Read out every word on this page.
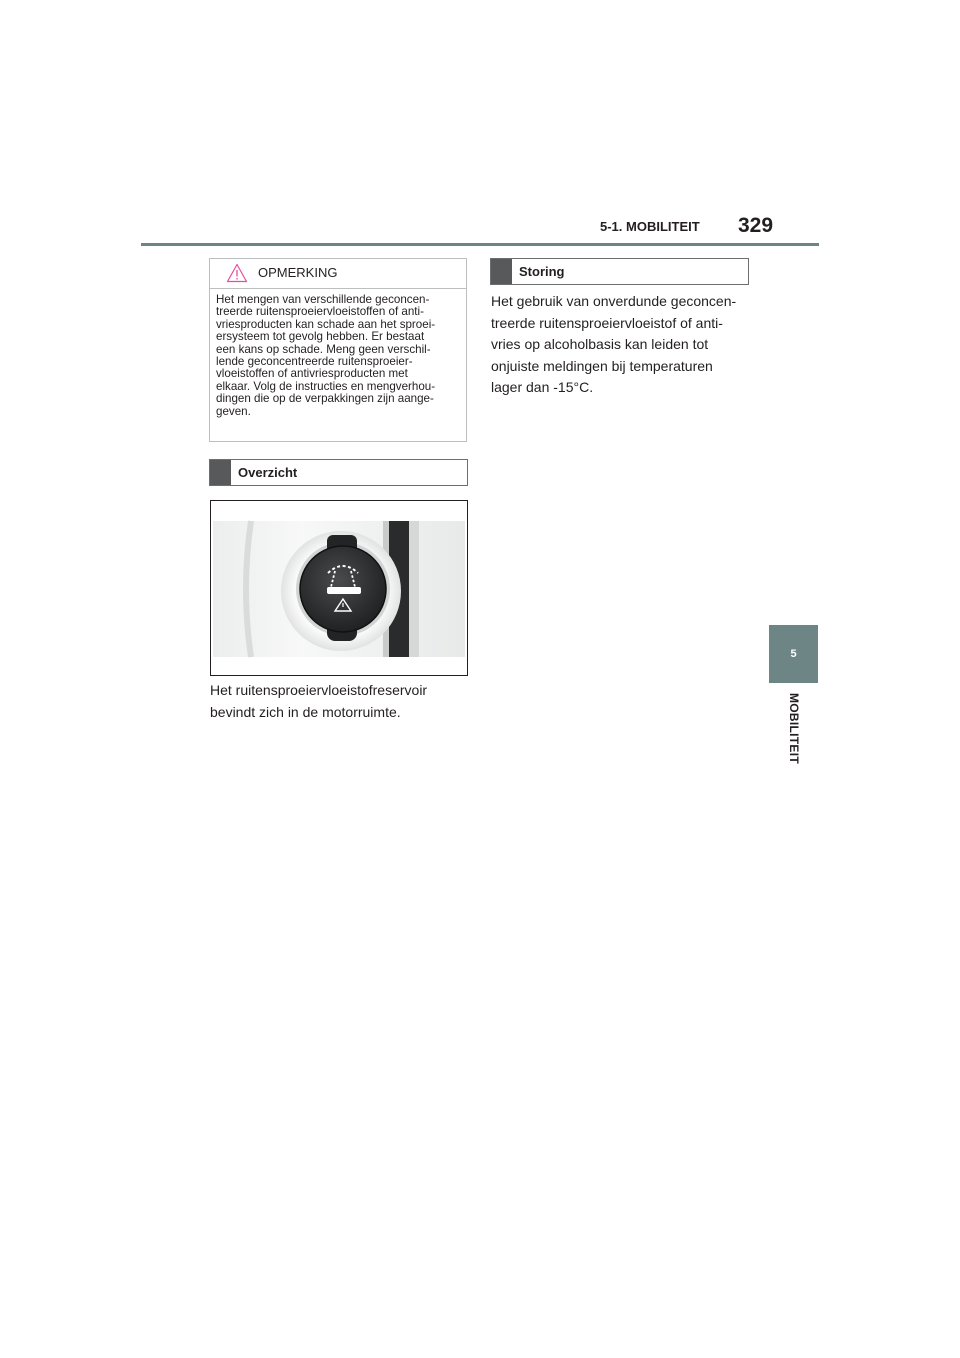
5-1. MOBILITEIT 329
5
MOBILITEIT
OPMERKING
Het mengen van verschillende geconcen-
treerde ruitensproeiervloeistoffen of anti-
vriesproducten kan schade aan het sproei-
ersysteem tot gevolg hebben. Er bestaat
een kans op schade. Meng geen verschil-
lende geconcentreerde ruitensproeier-
vloeistoffen of antivriesproducten met
elkaar. Volg de instructies en mengverhou-
dingen die op de verpakkingen zijn aange-
geven.
Overzicht
Het ruitensproeiervloeistofreservoir
bevindt zich in de motorruimte.
Storing
Het gebruik van onverdunde geconcen-
treerde ruitensproeiervloeistof of anti-
vries op alcoholbasis kan leiden tot
onjuiste meldingen bij temperaturen
lager dan -15°C.
